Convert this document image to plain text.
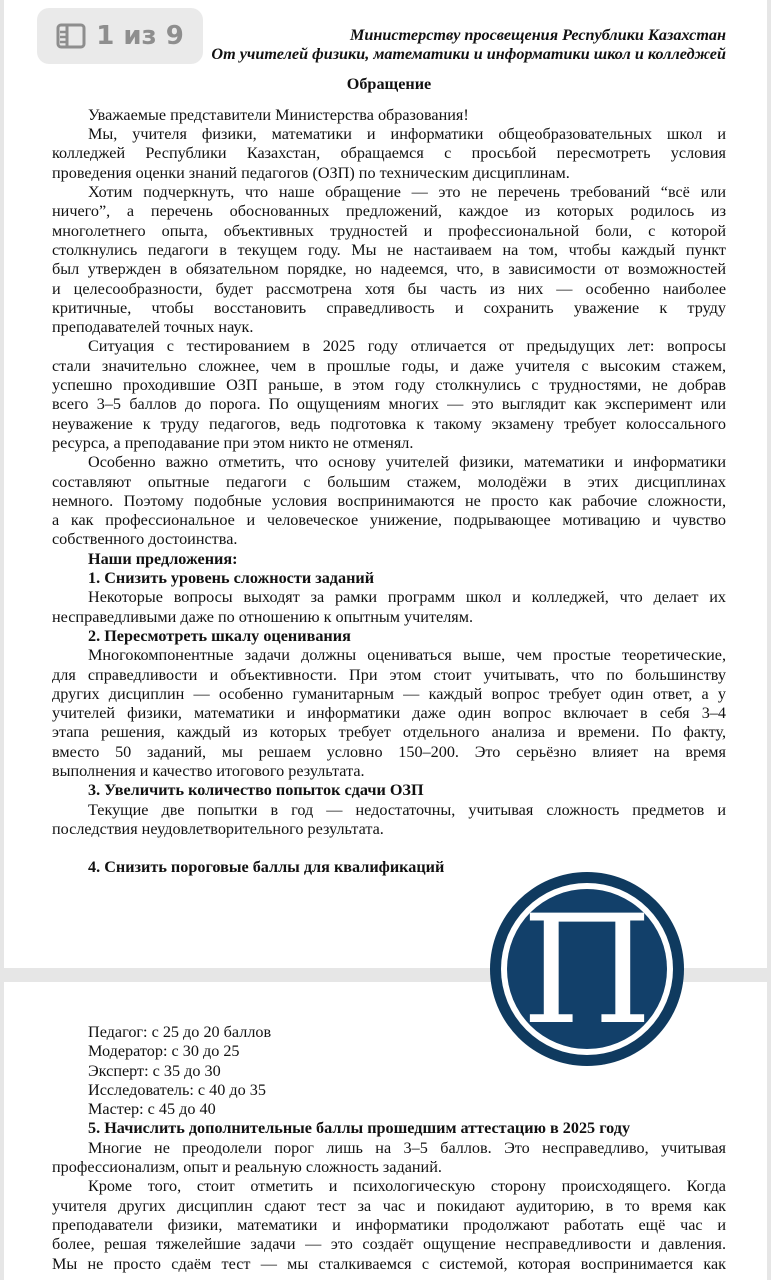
Министерству просвещения Республики Казахстан
От учителей физики, математики и информатики школ и колледжей
Обращение
Уважаемые представители Министерства образования!
Мы, учителя физики, математики и информатики общеобразовательных школ и
колледжей Республики Казахстан, обращаемся с просьбой пересмотреть условия
проведения оценки знаний педагогов (ОЗП) по техническим дисциплинам.
Хотим подчеркнуть, что наше обращение — это не перечень требований “всё или
ничего”, а перечень обоснованных предложений, каждое из которых родилось из
многолетнего опыта, объективных трудностей и профессиональной боли, с которой
столкнулись педагоги в текущем году. Мы не настаиваем на том, чтобы каждый пункт
был утвержден в обязательном порядке, но надеемся, что, в зависимости от возможностей
и целесообразности, будет рассмотрена хотя бы часть из них — особенно наиболее
критичные, чтобы восстановить справедливость и сохранить уважение к труду
преподавателей точных наук.
Ситуация с тестированием в 2025 году отличается от предыдущих лет: вопросы
стали значительно сложнее, чем в прошлые годы, и даже учителя с высоким стажем,
успешно проходившие ОЗП раньше, в этом году столкнулись с трудностями, не добрав
всего 3–5 баллов до порога. По ощущениям многих — это выглядит как эксперимент или
неуважение к труду педагогов, ведь подготовка к такому экзамену требует колоссального
ресурса, а преподавание при этом никто не отменял.
Особенно важно отметить, что основу учителей физики, математики и информатики
составляют опытные педагоги с большим стажем, молодёжи в этих дисциплинах
немного. Поэтому подобные условия воспринимаются не просто как рабочие сложности,
а как профессиональное и человеческое унижение, подрывающее мотивацию и чувство
собственного достоинства.
Наши предложения:
1. Снизить уровень сложности заданий
Некоторые вопросы выходят за рамки программ школ и колледжей, что делает их
несправедливыми даже по отношению к опытным учителям.
2. Пересмотреть шкалу оценивания
Многокомпонентные задачи должны оцениваться выше, чем простые теоретические,
для справедливости и объективности. При этом стоит учитывать, что по большинству
других дисциплин — особенно гуманитарным — каждый вопрос требует один ответ, а у
учителей физики, математики и информатики даже один вопрос включает в себя 3–4
этапа решения, каждый из которых требует отдельного анализа и времени. По факту,
вместо 50 заданий, мы решаем условно 150–200. Это серьёзно влияет на время
выполнения и качество итогового результата.
3. Увеличить количество попыток сдачи ОЗП
Текущие две попытки в год — недостаточны, учитывая сложность предметов и
последствия неудовлетворительного результата.
4. Снизить пороговые баллы для квалификаций
Педагог: с 25 до 20 баллов
Модератор: с 30 до 25
Эксперт: с 35 до 30
Исследователь: с 40 до 35
Мастер: с 45 до 40
5. Начислить дополнительные баллы прошедшим аттестацию в 2025 году
Многие не преодолели порог лишь на 3–5 баллов. Это несправедливо, учитывая
профессионализм, опыт и реальную сложность заданий.
Кроме того, стоит отметить и психологическую сторону происходящего. Когда
учителя других дисциплин сдают тест за час и покидают аудиторию, в то время как
преподаватели физики, математики и информатики продолжают работать ещё час и
более, решая тяжелейшие задачи — это создаёт ощущение несправедливости и давления.
Мы не просто сдаём тест — мы сталкиваемся с системой, которая воспринимается как
1 из 9
П
